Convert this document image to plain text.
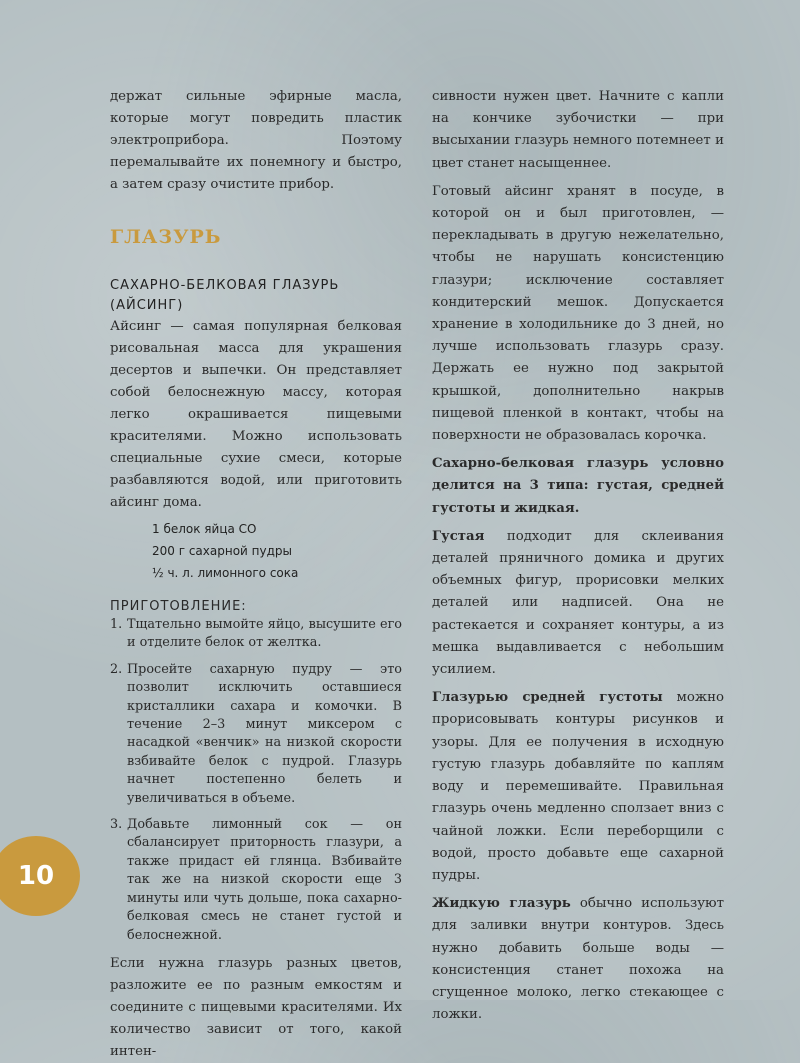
держат сильные эфирные масла, которые могут повредить пластик электроприбора. Поэтому перемалывайте их понемногу и быстро, а затем сразу очистите прибор.

ГЛАЗУРЬ
САХАРНО-БЕЛКОВАЯ ГЛАЗУРЬ (АЙСИНГ)

Айсинг — самая популярная белковая рисовальная масса для украшения десертов и выпечки. Он представляет собой белоснежную массу, которая легко окрашивается пищевыми красителями. Можно использовать специальные сухие смеси, которые разбавляются водой, или приготовить айсинг дома.

1 белок яйца СО
200 г сахарной пудры
½ ч. л. лимонного сока
ПРИГОТОВЛЕНИЕ:
1. Тщательно вымойте яйцо, высушите его и отделите белок от желтка.
2. Просейте сахарную пудру — это позволит исключить оставшиеся кристаллики сахара и комочки. В течение 2–3 минут миксером с насадкой «венчик» на низкой скорости взбивайте белок с пудрой. Глазурь начнет постепенно белеть и увеличиваться в объеме.
3. Добавьте лимонный сок — он сбалансирует приторность глазури, а также придаст ей глянца. Взбивайте так же на низкой скорости еще 3 минуты или чуть дольше, пока сахарно-белковая смесь не станет густой и белоснежной.

Если нужна глазурь разных цветов, разложите ее по разным емкостям и соедините с пищевыми красителями. Их количество зависит от того, какой интен-

сивности нужен цвет. Начните с капли на кончике зубочистки — при высыхании глазурь немного потемнеет и цвет станет насыщеннее.

Готовый айсинг хранят в посуде, в которой он и был приготовлен, — перекладывать в другую нежелательно, чтобы не нарушать консистенцию глазури; исключение составляет кондитерский мешок. Допускается хранение в холодильнике до 3 дней, но лучше использовать глазурь сразу. Держать ее нужно под закрытой крышкой, дополнительно накрыв пищевой пленкой в контакт, чтобы на поверхности не образовалась корочка.

Сахарно-белковая глазурь условно делится на 3 типа: густая, средней густоты и жидкая.

Густая подходит для склеивания деталей пряничного домика и других объемных фигур, прорисовки мелких деталей или надписей. Она не растекается и сохраняет контуры, а из мешка выдавливается с небольшим усилием.

Глазурью средней густоты можно прорисовывать контуры рисунков и узоры. Для ее получения в исходную густую глазурь добавляйте по каплям воду и перемешивайте. Правильная глазурь очень медленно сползает вниз с чайной ложки. Если переборщили с водой, просто добавьте еще сахарной пудры.

Жидкую глазурь обычно используют для заливки внутри контуров. Здесь нужно добавить больше воды — консистенция станет похожа на сгущенное молоко, легко стекающее с ложки.

10
